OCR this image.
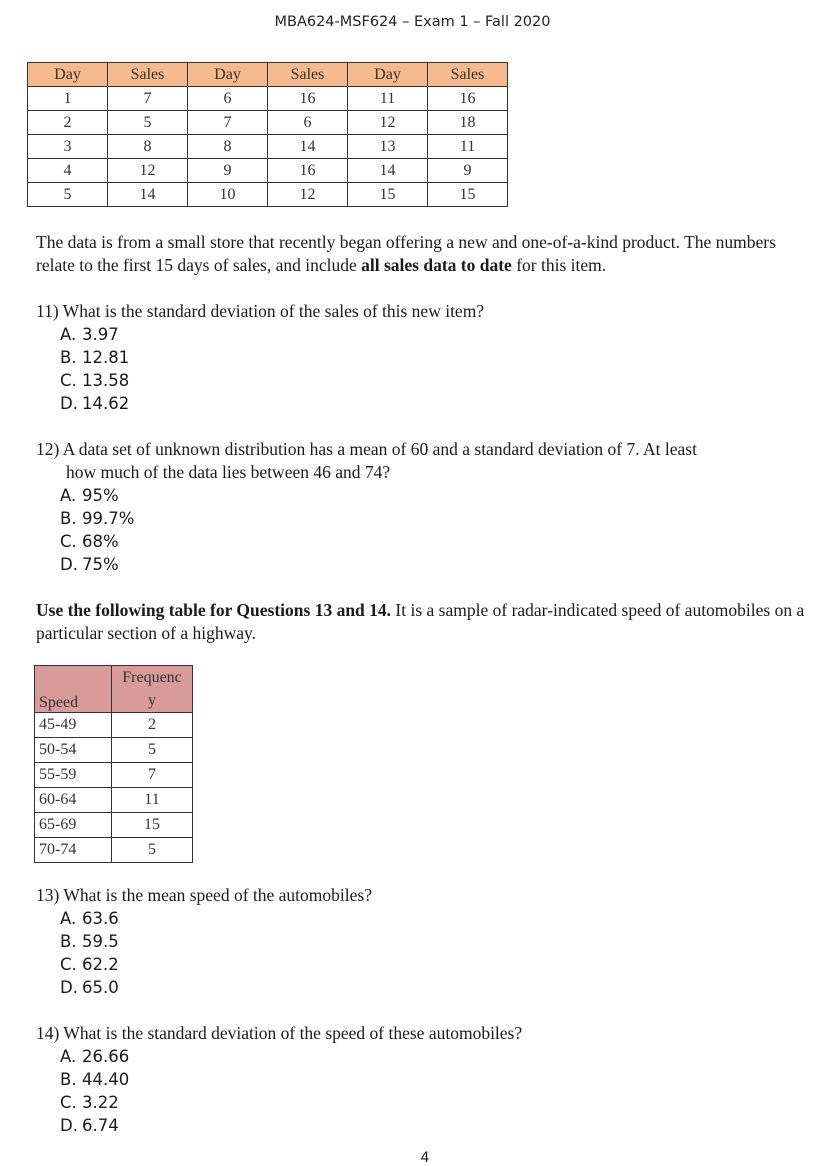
MBA624-MSF624 – Exam 1 – Fall 2020
Day	Sales	Day	Sales	Day	Sales
1	7	6	16	11	16
2	5	7	6	12	18
3	8	8	14	13	11
4	12	9	16	14	9
5	14	10	12	15	15
The data is from a small store that recently began offering a new and one-of-a-kind product. The numbers relate to the first 15 days of sales, and include all sales data to date for this item.

11) What is the standard deviation of the sales of this new item?

A. 3.97

B. 12.81

C. 13.58

D. 14.62

12) A data set of unknown distribution has a mean of 60 and a standard deviation of 7. At least

how much of the data lies between 46 and 74?

A. 95%

B. 99.7%

C. 68%

D. 75%

Use the following table for Questions 13 and 14. It is a sample of radar-indicated speed of automobiles on a particular section of a highway.
Speed	Frequenc
y
45-49	2
50-54	5
55-59	7
60-64	11
65-69	15
70-74	5

13) What is the mean speed of the automobiles?

A. 63.6

B. 59.5

C. 62.2

D. 65.0

14) What is the standard deviation of the speed of these automobiles?

A. 26.66

B. 44.40

C. 3.22

D. 6.74

4
